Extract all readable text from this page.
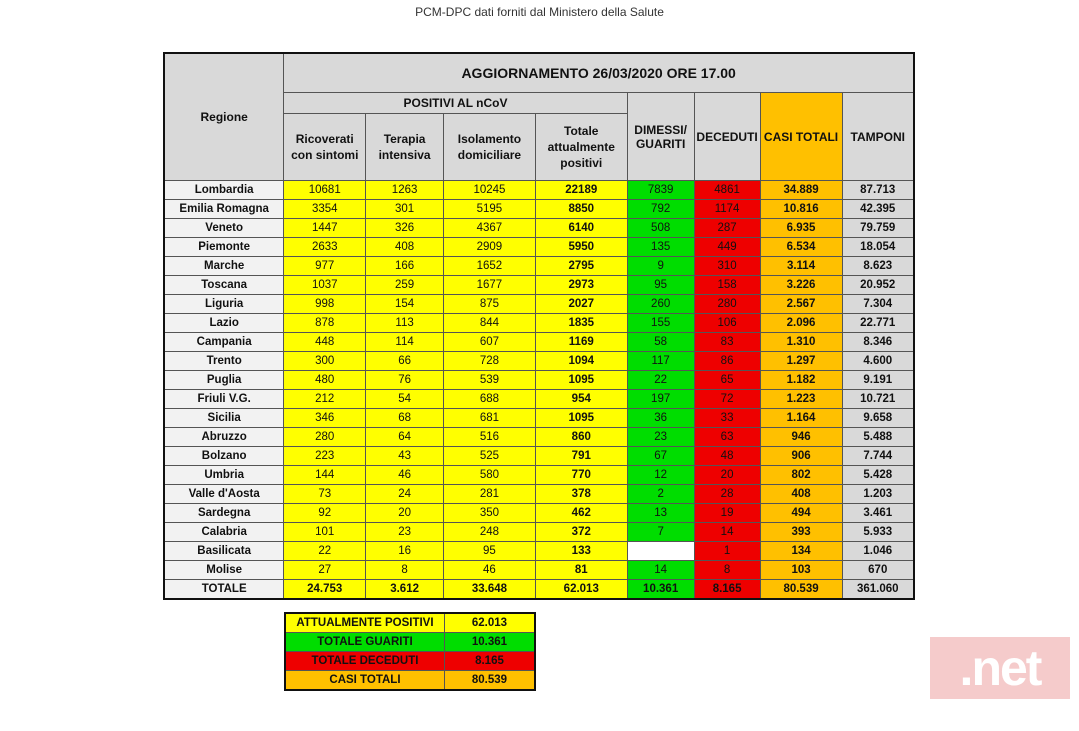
PCM-DPC dati forniti dal Ministero della Salute
Regione	AGGIORNAMENTO 26/03/2020 ORE 17.00							
	POSITIVI AL nCoV				DIMESSI/ GUARITI	DECEDUTI	CASI TOTALI	TAMPONI
	Ricoverati con sintomi	Terapia intensiva	Isolamento domiciliare	Totale attualmente positivi				
Lombardia	10681	1263	10245	22189	7839	4861	34.889	87.713
Emilia Romagna	3354	301	5195	8850	792	1174	10.816	42.395
Veneto	1447	326	4367	6140	508	287	6.935	79.759
Piemonte	2633	408	2909	5950	135	449	6.534	18.054
Marche	977	166	1652	2795	9	310	3.114	8.623
Toscana	1037	259	1677	2973	95	158	3.226	20.952
Liguria	998	154	875	2027	260	280	2.567	7.304
Lazio	878	113	844	1835	155	106	2.096	22.771
Campania	448	114	607	1169	58	83	1.310	8.346
Trento	300	66	728	1094	117	86	1.297	4.600
Puglia	480	76	539	1095	22	65	1.182	9.191
Friuli V.G.	212	54	688	954	197	72	1.223	10.721
Sicilia	346	68	681	1095	36	33	1.164	9.658
Abruzzo	280	64	516	860	23	63	946	5.488
Bolzano	223	43	525	791	67	48	906	7.744
Umbria	144	46	580	770	12	20	802	5.428
Valle d'Aosta	73	24	281	378	2	28	408	1.203
Sardegna	92	20	350	462	13	19	494	3.461
Calabria	101	23	248	372	7	14	393	5.933
Basilicata	22	16	95	133		1	134	1.046
Molise	27	8	46	81	14	8	103	670
TOTALE	24.753	3.612	33.648	62.013	10.361	8.165	80.539	361.060
ATTUALMENTE POSITIVI	62.013
TOTALE GUARITI	10.361
TOTALE DECEDUTI	8.165
CASI TOTALI	80.539	.net
